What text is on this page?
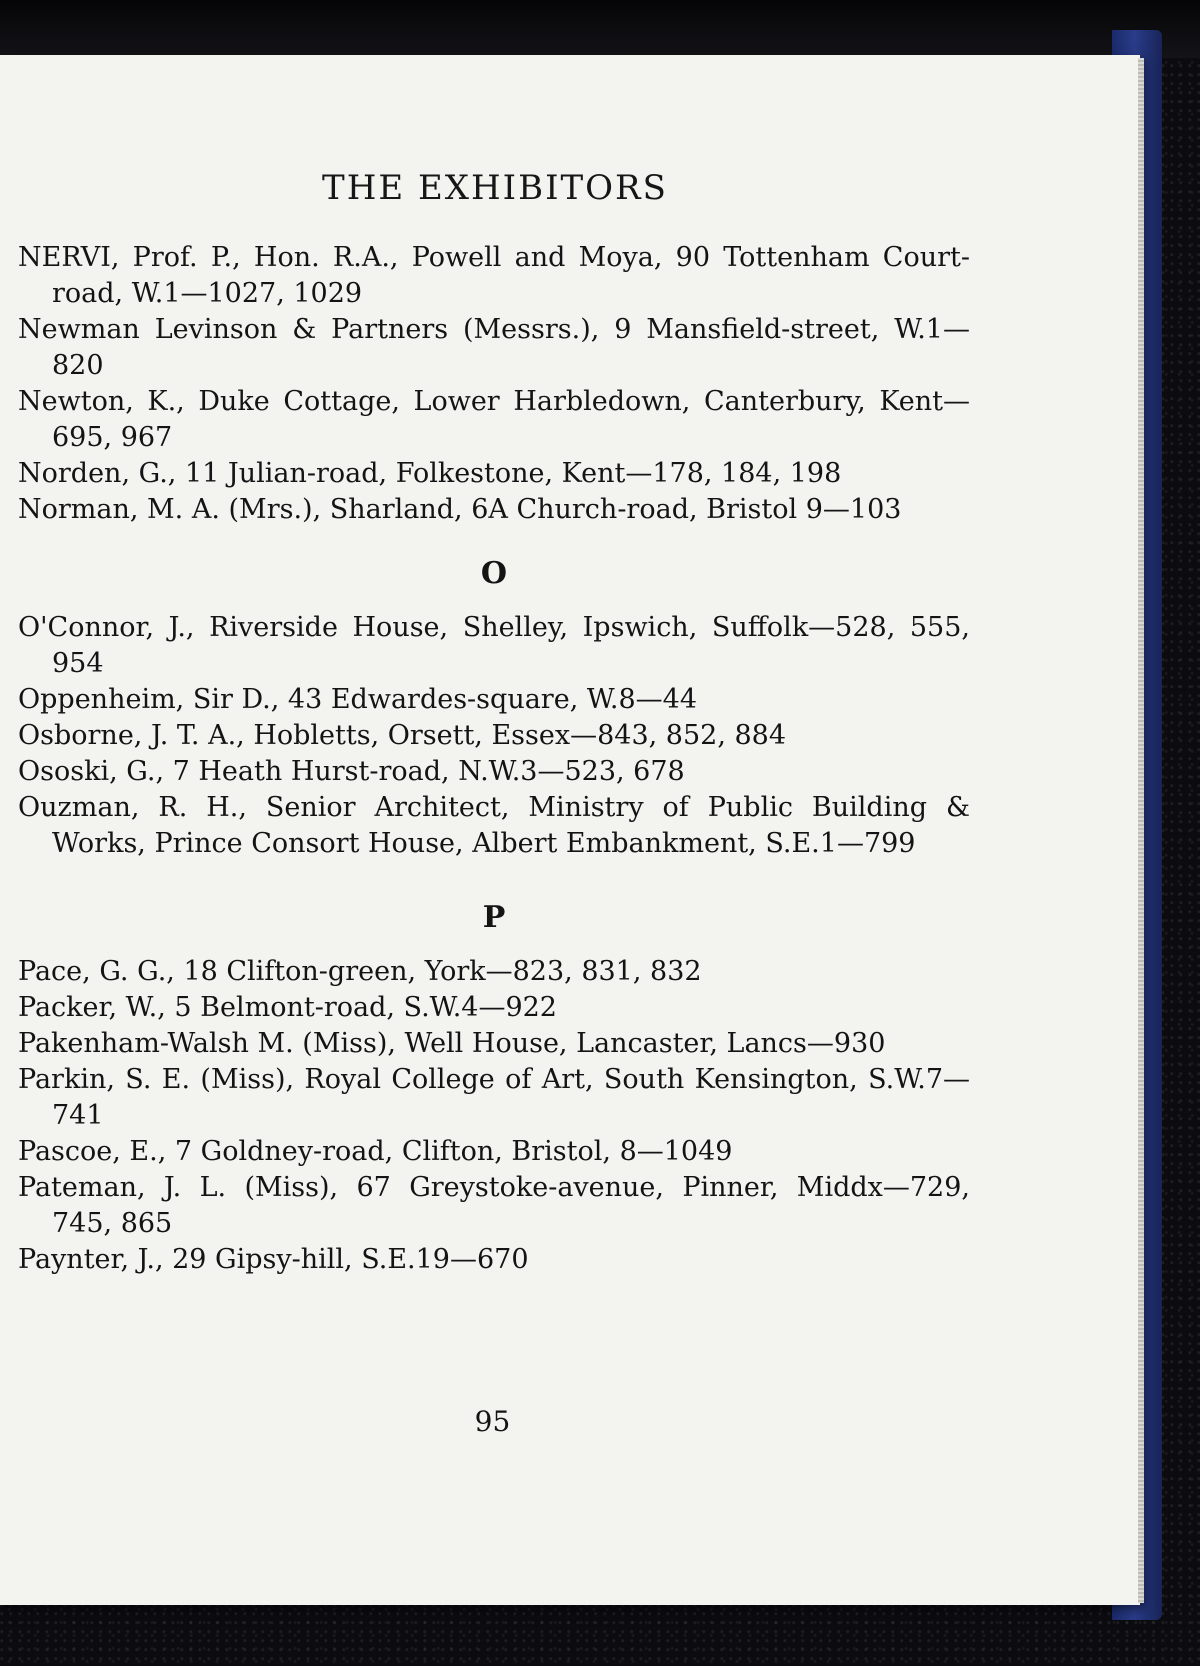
THE EXHIBITORS

NERVI, Prof. P., Hon. R.A., Powell and Moya, 90 Tottenham Court-road, W.1—1027, 1029

Newman Levinson & Partners (Messrs.), 9 Mansfield-street, W.1—820

Newton, K., Duke Cottage, Lower Harbledown, Canterbury, Kent—695, 967

Norden, G., 11 Julian-road, Folkestone, Kent—178, 184, 198

Norman, M. A. (Mrs.), Sharland, 6A Church-road, Bristol 9—103

O

O'Connor, J., Riverside House, Shelley, Ipswich, Suffolk—528, 555, 954

Oppenheim, Sir D., 43 Edwardes-square, W.8—44

Osborne, J. T. A., Hobletts, Orsett, Essex—843, 852, 884

Ososki, G., 7 Heath Hurst-road, N.W.3—523, 678

Ouzman, R. H., Senior Architect, Ministry of Public Building & Works, Prince Consort House, Albert Embankment, S.E.1—799

P

Pace, G. G., 18 Clifton-green, York—823, 831, 832

Packer, W., 5 Belmont-road, S.W.4—922

Pakenham-Walsh M. (Miss), Well House, Lancaster, Lancs—930

Parkin, S. E. (Miss), Royal College of Art, South Kensington, S.W.7—741

Pascoe, E., 7 Goldney-road, Clifton, Bristol, 8—1049

Pateman, J. L. (Miss), 67 Greystoke-avenue, Pinner, Middx—729, 745, 865

Paynter, J., 29 Gipsy-hill, S.E.19—670

95
